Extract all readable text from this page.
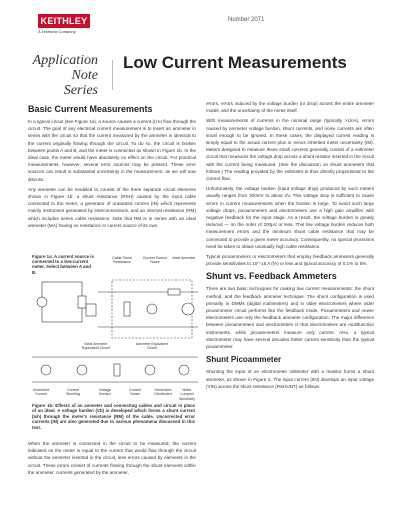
KEITHLEY
A Tektronix Company
Number 2071
Application Note
Series
Low Current Measurements
Basic Current Measurements

In a typical circuit (see Figure 1a), a source causes a current (I) to flow through the circuit. The goal of any electrical current measurement is to insert an ammeter in series with the circuit so that the current measured by the ammeter is identical to the current originally flowing through the circuit. To do so, the circuit is broken between points A and B, and the meter is connected as shown in Figure 1b. In the ideal case, the meter would have absolutely no effect on the circuit. For practical measurements, however, several error sources may be present. These error sources can result in substantial uncertainty in the measurement, as we will now discuss.

Any ammeter can be modeled to consist of the three separate circuit elements shown in Figure 1b: a shunt resistance (RSH) caused by the input cable connected to the meter, a generator of unwanted current (IN) which represents mainly instrument generated by interconnections, and an internal resistance (RM) which includes series cable resistance. Note that RM is in series with an ideal ammeter (MA) having no resistance or current source of its own.

Figure 1a: A current source is connected to a low-current meter. Select between A and B.
Cable Shunt Resistance
Current Source Noise
Ideal Ammeter
Ideal Ammeter Equivalent Circuit
Ammeter Equivalent Circuit
Undesired Current
Current Shunting
Voltage Burden
Current Noise
Generated Distributed
Meter Lumped Sensitivity
Figure 1b: Effects of an ammeter and connecting cables and circuit in place of an ideal. A voltage burden (Vb) is developed which forms a shunt current (Ish) through the meter's resistance (RM) of the cable. Uncorrected error currents (IN) are also generated due to various phenomena discussed in this text.

When the ammeter is connected in the circuit to be measured, the current indicated on the meter is equal to the current that would flow through the circuit without the ammeter inserted in the circuit, less errors caused by elements in the circuit. These errors consist of currents flowing through the shunt elements within the ammeter, currents generated by the ammeter,

errors, errors induced by the voltage burden (or drop) across the entire ammeter model, and the uncertainty of the meter itself.

With measurements of currents in the nominal range (typically >1mA), errors caused by ammeter voltage burden, shunt currents, and noise currents are often small enough to be ignored. In these cases, the displayed current reading is simply equal to the actual current plus or minus inherited meter uncertainty (IM). Meters designed to measure these small currents generally consist of a voltmeter circuit that measures the voltage drop across a shunt resistor inserted in the circuit with the current being measured. (See the discussion on shunt ammeters that follows.) The reading provided by the voltmeter is thus directly proportional to the current flow.

Unfortunately, the voltage burden (input voltage drop) produced by such meters usually ranges from 200mV to about 2V. This voltage drop is sufficient to cause errors in current measurements when the burden is large. To avoid such large voltage drops, picoammeters and electrometers use a high gain amplifier with negative feedback for the input stage. As a result, the voltage burden is greatly reduced — on the order of 200µV or less. This low voltage burden reduces both measurement errors and the minimum shunt cable resistance that may be connected to provide a given meter accuracy. Consequently, no special provisions need be taken to obtain unusually high cable resistance.

Typical picoammeters or electrometers that employ feedback ammeters generally provide sensitivities to 10^-15 A (fA) or less and typical accuracy of 0.1% to 5%.

Shunt vs. Feedback Ammeters

There are two basic techniques for making low current measurements: the shunt method, and the feedback ammeter technique. The shunt configuration is used primarily in DMMs (digital multimeters) and in older electrometers where older picoammeter circuit performs like the feedback mode. Picoammeters and newer electrometers use only the feedback ammeter configuration. The major difference between picoammeters and electrometers is that electrometers are multifunction instruments, while picoammeters measure only current. Also, a typical electrometer may have several decades better current sensitivity than the typical picoammeter.

Shunt Picoammeter

Shunting the input of an electrometer voltmeter with a resistor forms a shunt ammeter, as shown in Figure 2. The input current (IIN) develops an input voltage (VIN) across the shunt resistance (RSHUNT) as follows:
